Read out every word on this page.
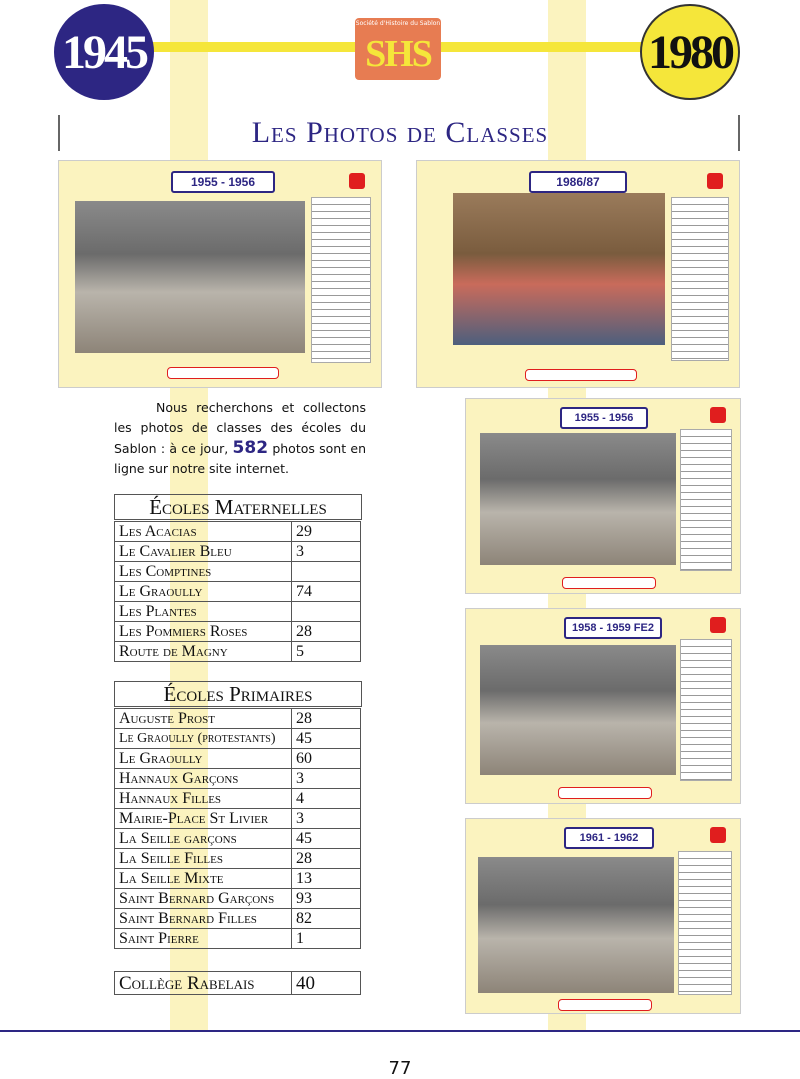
1945	1980
Société d'Histoire du Sablon
SHS
Les Photos de Classes
1955 - 1956	1986/87
1955 - 1956
1958 - 1959 FE2
1961 - 1962
Nous recherchons et collectons les photos de classes des écoles du Sablon : à ce jour, 582 photos sont en ligne sur notre site internet.
Écoles Maternelles
Les Acacias	29
Le Cavalier Bleu	3
Les Comptines	
Le Graoully	74
Les Plantes	
Les Pommiers Roses	28
Route de Magny	5
Écoles Primaires
Auguste Prost	28
Le Graoully (protestants)	45
Le Graoully	60
Hannaux Garçons	3
Hannaux Filles	4
Mairie-Place St Livier	3
La Seille garçons	45
La Seille Filles	28
La Seille Mixte	13
Saint Bernard Garçons	93
Saint Bernard Filles	82
Saint Pierre	1
Collège Rabelais	40
77
